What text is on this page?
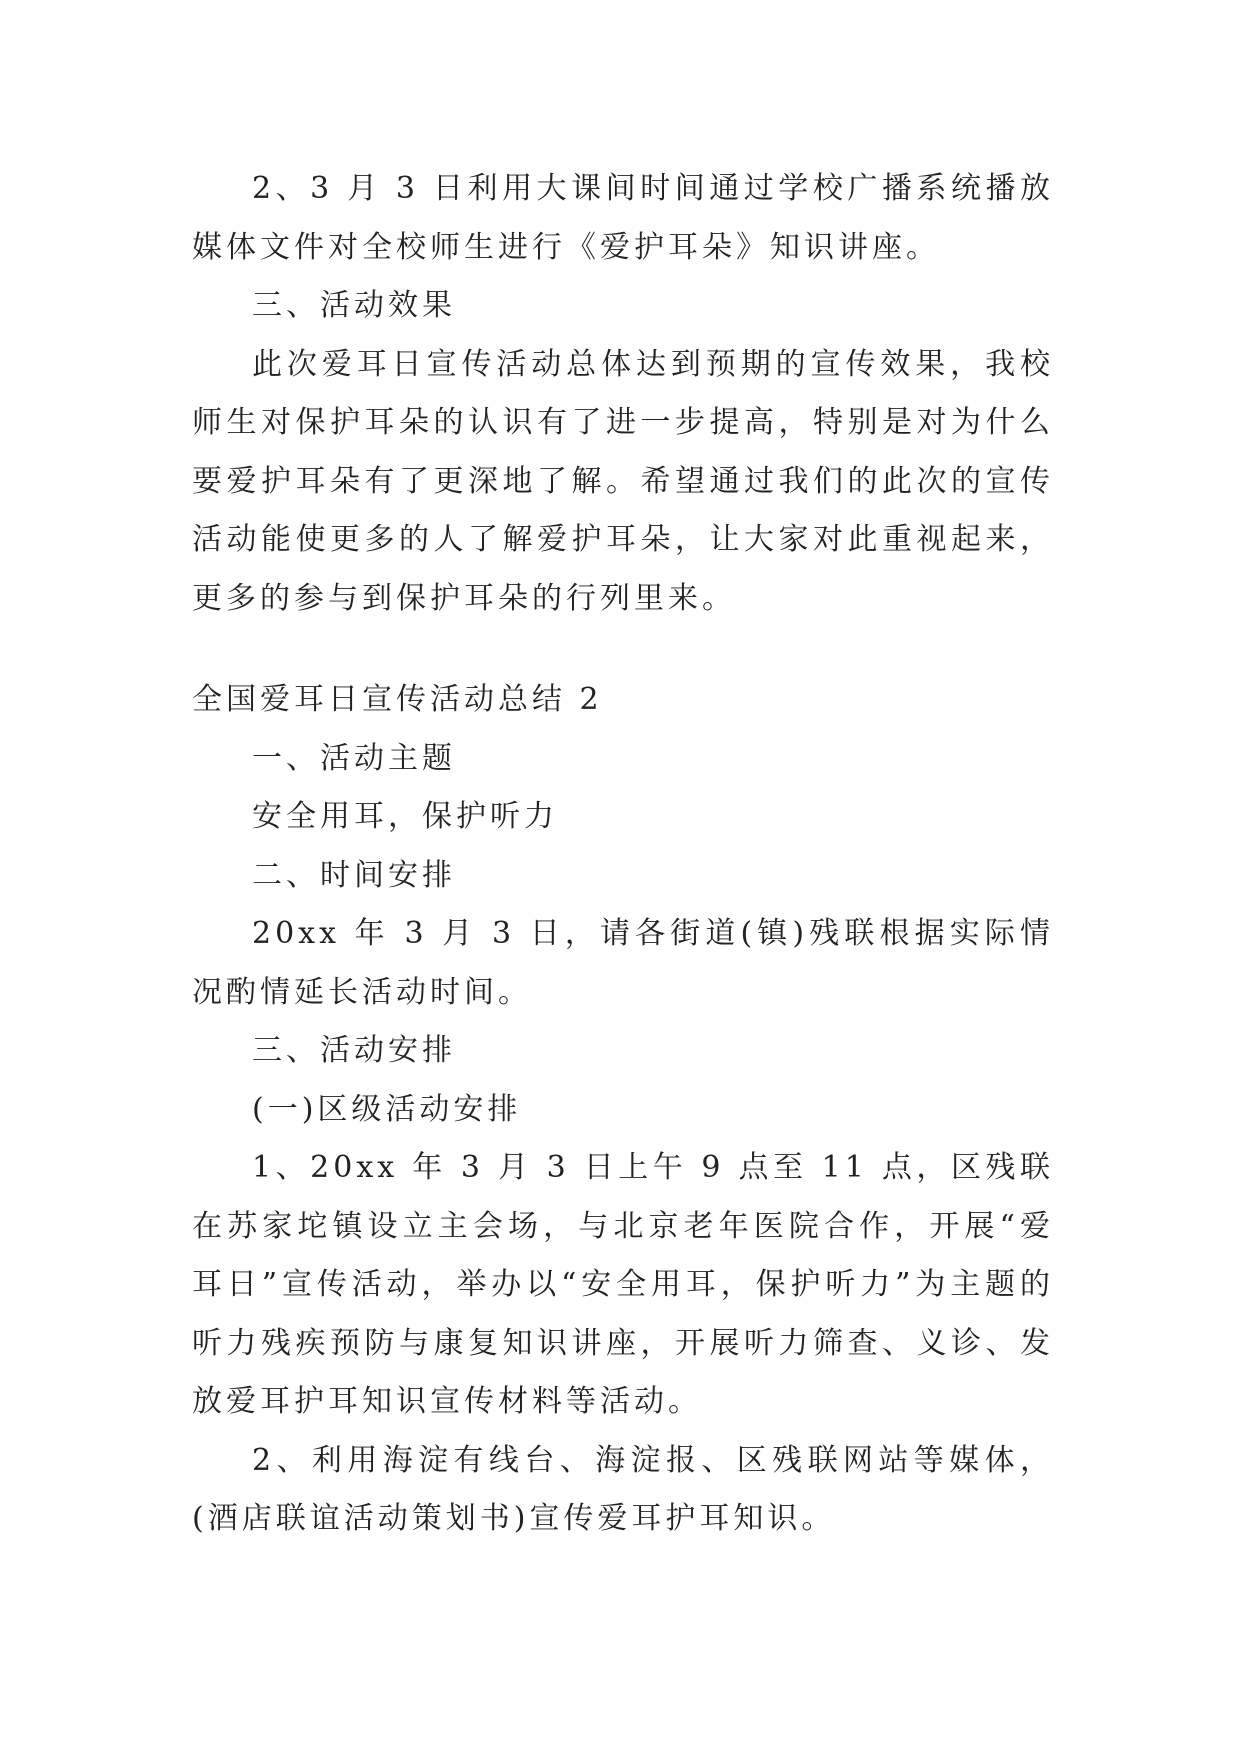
2、3 月 3 日利用大课间时间通过学校广播系统播放媒体文件对全校师生进行《爱护耳朵》知识讲座。

三、活动效果

此次爱耳日宣传活动总体达到预期的宣传效果，我校师生对保护耳朵的认识有了进一步提高，特别是对为什么要爱护耳朵有了更深地了解。希望通过我们的此次的宣传活动能使更多的人了解爱护耳朵，让大家对此重视起来，更多的参与到保护耳朵的行列里来。

全国爱耳日宣传活动总结 2

一、活动主题

安全用耳，保护听力

二、时间安排

20xx 年 3 月 3 日，请各街道(镇)残联根据实际情况酌情延长活动时间。

三、活动安排

(一)区级活动安排

1、20xx 年 3 月 3 日上午 9 点至 11 点，区残联在苏家坨镇设立主会场，与北京老年医院合作，开展“爱耳日”宣传活动，举办以“安全用耳，保护听力”为主题的听力残疾预防与康复知识讲座，开展听力筛查、义诊、发放爱耳护耳知识宣传材料等活动。

2、利用海淀有线台、海淀报、区残联网站等媒体，(酒店联谊活动策划书)宣传爱耳护耳知识。
